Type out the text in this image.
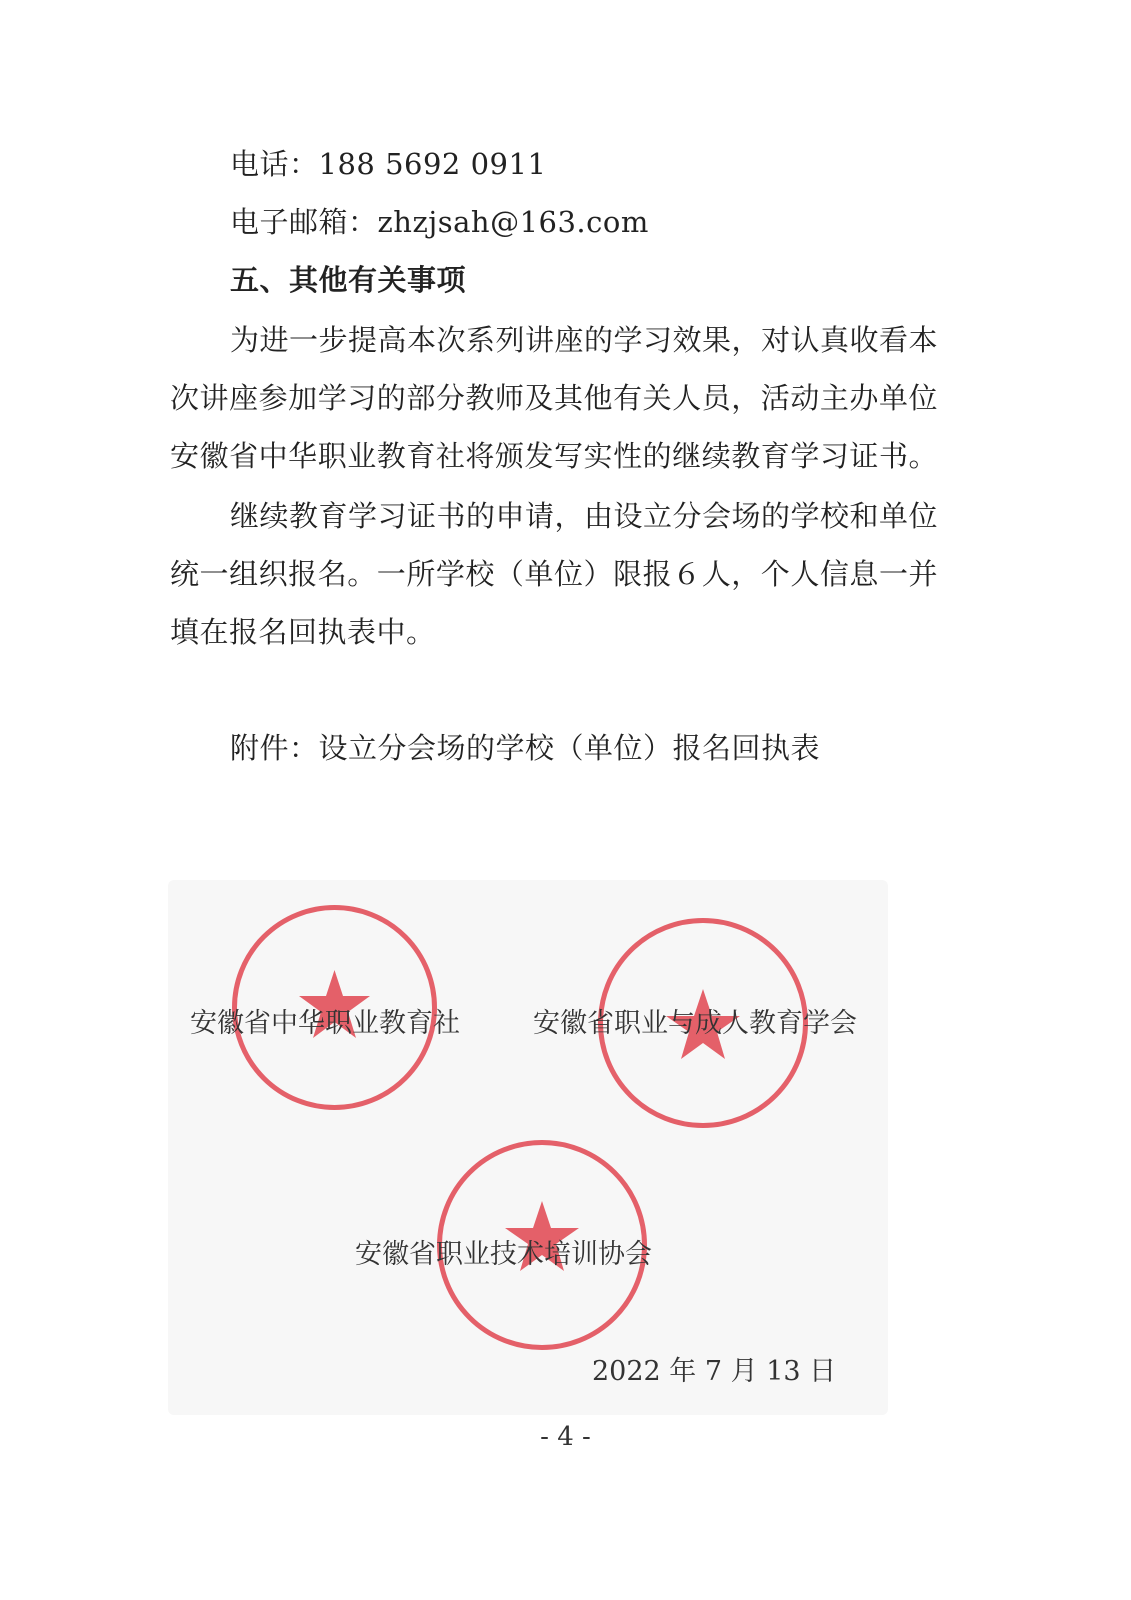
电话：188 5692 0911
电子邮箱：zhzjsah@163.com
五、其他有关事项
为进一步提高本次系列讲座的学习效果，对认真收看本
次讲座参加学习的部分教师及其他有关人员，活动主办单位
安徽省中华职业教育社将颁发写实性的继续教育学习证书。
继续教育学习证书的申请，由设立分会场的学校和单位
统一组织报名。一所学校（单位）限报６人，个人信息一并
填在报名回执表中。
附件：设立分会场的学校（单位）报名回执表
安徽省中华职业教育社	安徽省职业与成人教育学会
安徽省职业技术培训协会
2022 年 7 月 13 日
- 4 -
